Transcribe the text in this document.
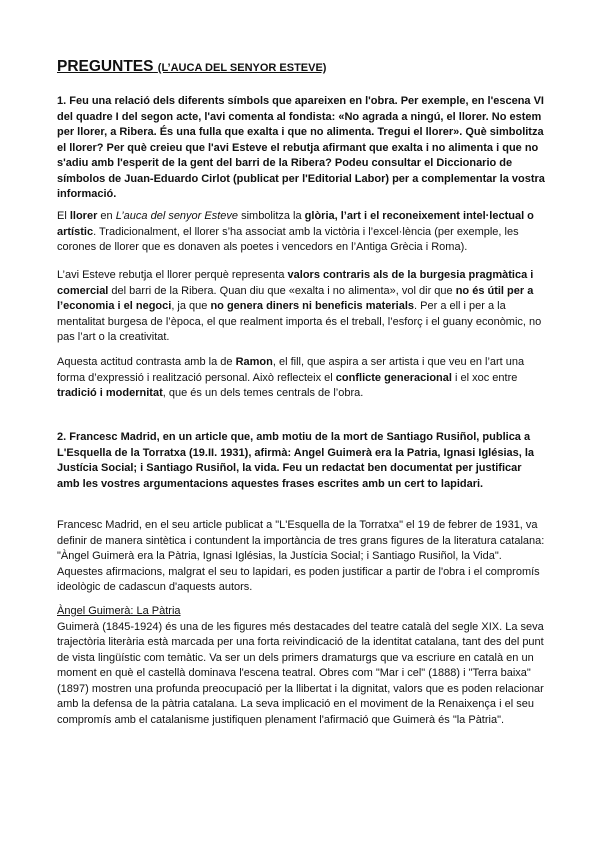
PREGUNTES (L’AUCA DEL SENYOR ESTEVE)

1. Feu una relació dels diferents símbols que apareixen en l'obra. Per exemple, en l'escena VI del quadre I del segon acte, l'avi comenta al fondista: «No agrada a ningú, el llorer. No estem per llorer, a Ribera. És una fulla que exalta i que no alimenta. Tregui el llorer». Què simbolitza el llorer? Per què creieu que l'avi Esteve el rebutja afirmant que exalta i no alimenta i que no s'adiu amb l'esperit de la gent del barri de la Ribera? Podeu consultar el Diccionario de símbolos de Juan-Eduardo Cirlot (publicat per l'Editorial Labor) per a complementar la vostra informació.

El llorer en L’auca del senyor Esteve simbolitza la glòria, l’art i el reconeixement intel·lectual o artístic. Tradicionalment, el llorer s’ha associat amb la victòria i l’excel·lència (per exemple, les corones de llorer que es donaven als poetes i vencedors en l’Antiga Grècia i Roma).

L’avi Esteve rebutja el llorer perquè representa valors contraris als de la burgesia pragmàtica i comercial del barri de la Ribera. Quan diu que «exalta i no alimenta», vol dir que no és útil per a l’economia i el negoci, ja que no genera diners ni beneficis materials. Per a ell i per a la mentalitat burgesa de l’època, el que realment importa és el treball, l’esforç i el guany econòmic, no pas l’art o la creativitat.

Aquesta actitud contrasta amb la de Ramon, el fill, que aspira a ser artista i que veu en l’art una forma d’expressió i realització personal. Això reflecteix el conflicte generacional i el xoc entre tradició i modernitat, que és un dels temes centrals de l’obra.

2. Francesc Madrid, en un article que, amb motiu de la mort de Santiago Rusiñol, publica a L'Esquella de la Torratxa (19.II. 1931), afirmà: Angel Guimerà era la Patria, Ignasi Iglésias, la Justícia Social; i Santiago Rusiñol, la vida. Feu un redactat ben documentat per justificar amb les vostres argumentacions aquestes frases escrites amb un cert to lapidari.

Francesc Madrid, en el seu article publicat a "L'Esquella de la Torratxa" el 19 de febrer de 1931, va definir de manera sintètica i contundent la importància de tres grans figures de la literatura catalana: "Àngel Guimerà era la Pàtria, Ignasi Iglésias, la Justícia Social; i Santiago Rusiñol, la Vida". Aquestes afirmacions, malgrat el seu to lapidari, es poden justificar a partir de l'obra i el compromís ideològic de cadascun d'aquests autors.

Àngel Guimerà: La Pàtria
Guimerà (1845-1924) és una de les figures més destacades del teatre català del segle XIX. La seva trajectòria literària està marcada per una forta reivindicació de la identitat catalana, tant des del punt de vista lingüístic com temàtic. Va ser un dels primers dramaturgs que va escriure en català en un moment en què el castellà dominava l'escena teatral. Obres com "Mar i cel" (1888) i "Terra baixa" (1897) mostren una profunda preocupació per la llibertat i la dignitat, valors que es poden relacionar amb la defensa de la pàtria catalana. La seva implicació en el moviment de la Renaixença i el seu compromís amb el catalanisme justifiquen plenament l'afirmació que Guimerà és "la Pàtria".
